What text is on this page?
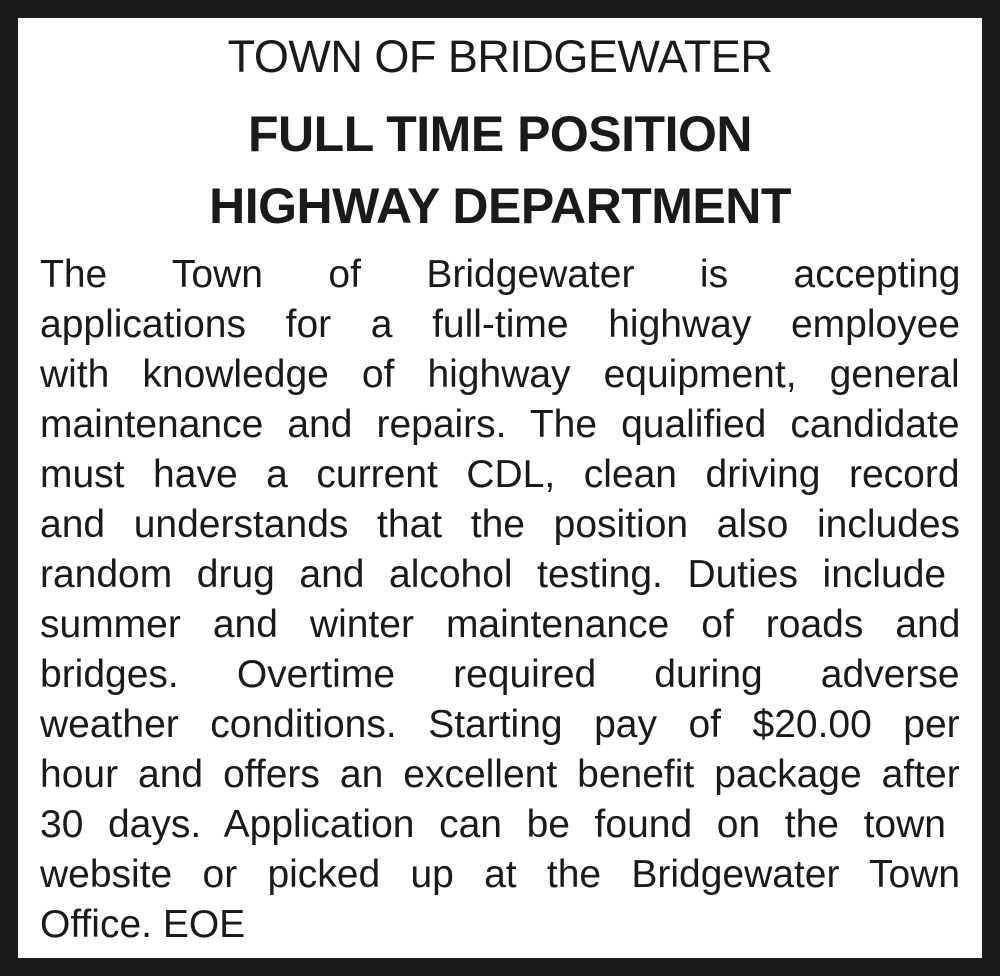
TOWN OF BRIDGEWATER
FULL TIME POSITION
HIGHWAY DEPARTMENT

The Town of Bridgewater is accepting
applications for a full-time highway employee
with knowledge of highway equipment, general
maintenance and repairs. The qualified candidate
must have a current CDL, clean driving record
and understands that the position also includes
random drug and alcohol testing. Duties include
summer and winter maintenance of roads and
bridges. Overtime required during adverse
weather conditions. Starting pay of $20.00 per
hour and offers an excellent benefit package after
30 days. Application can be found on the town
website or picked up at the Bridgewater Town
Office. EOE
